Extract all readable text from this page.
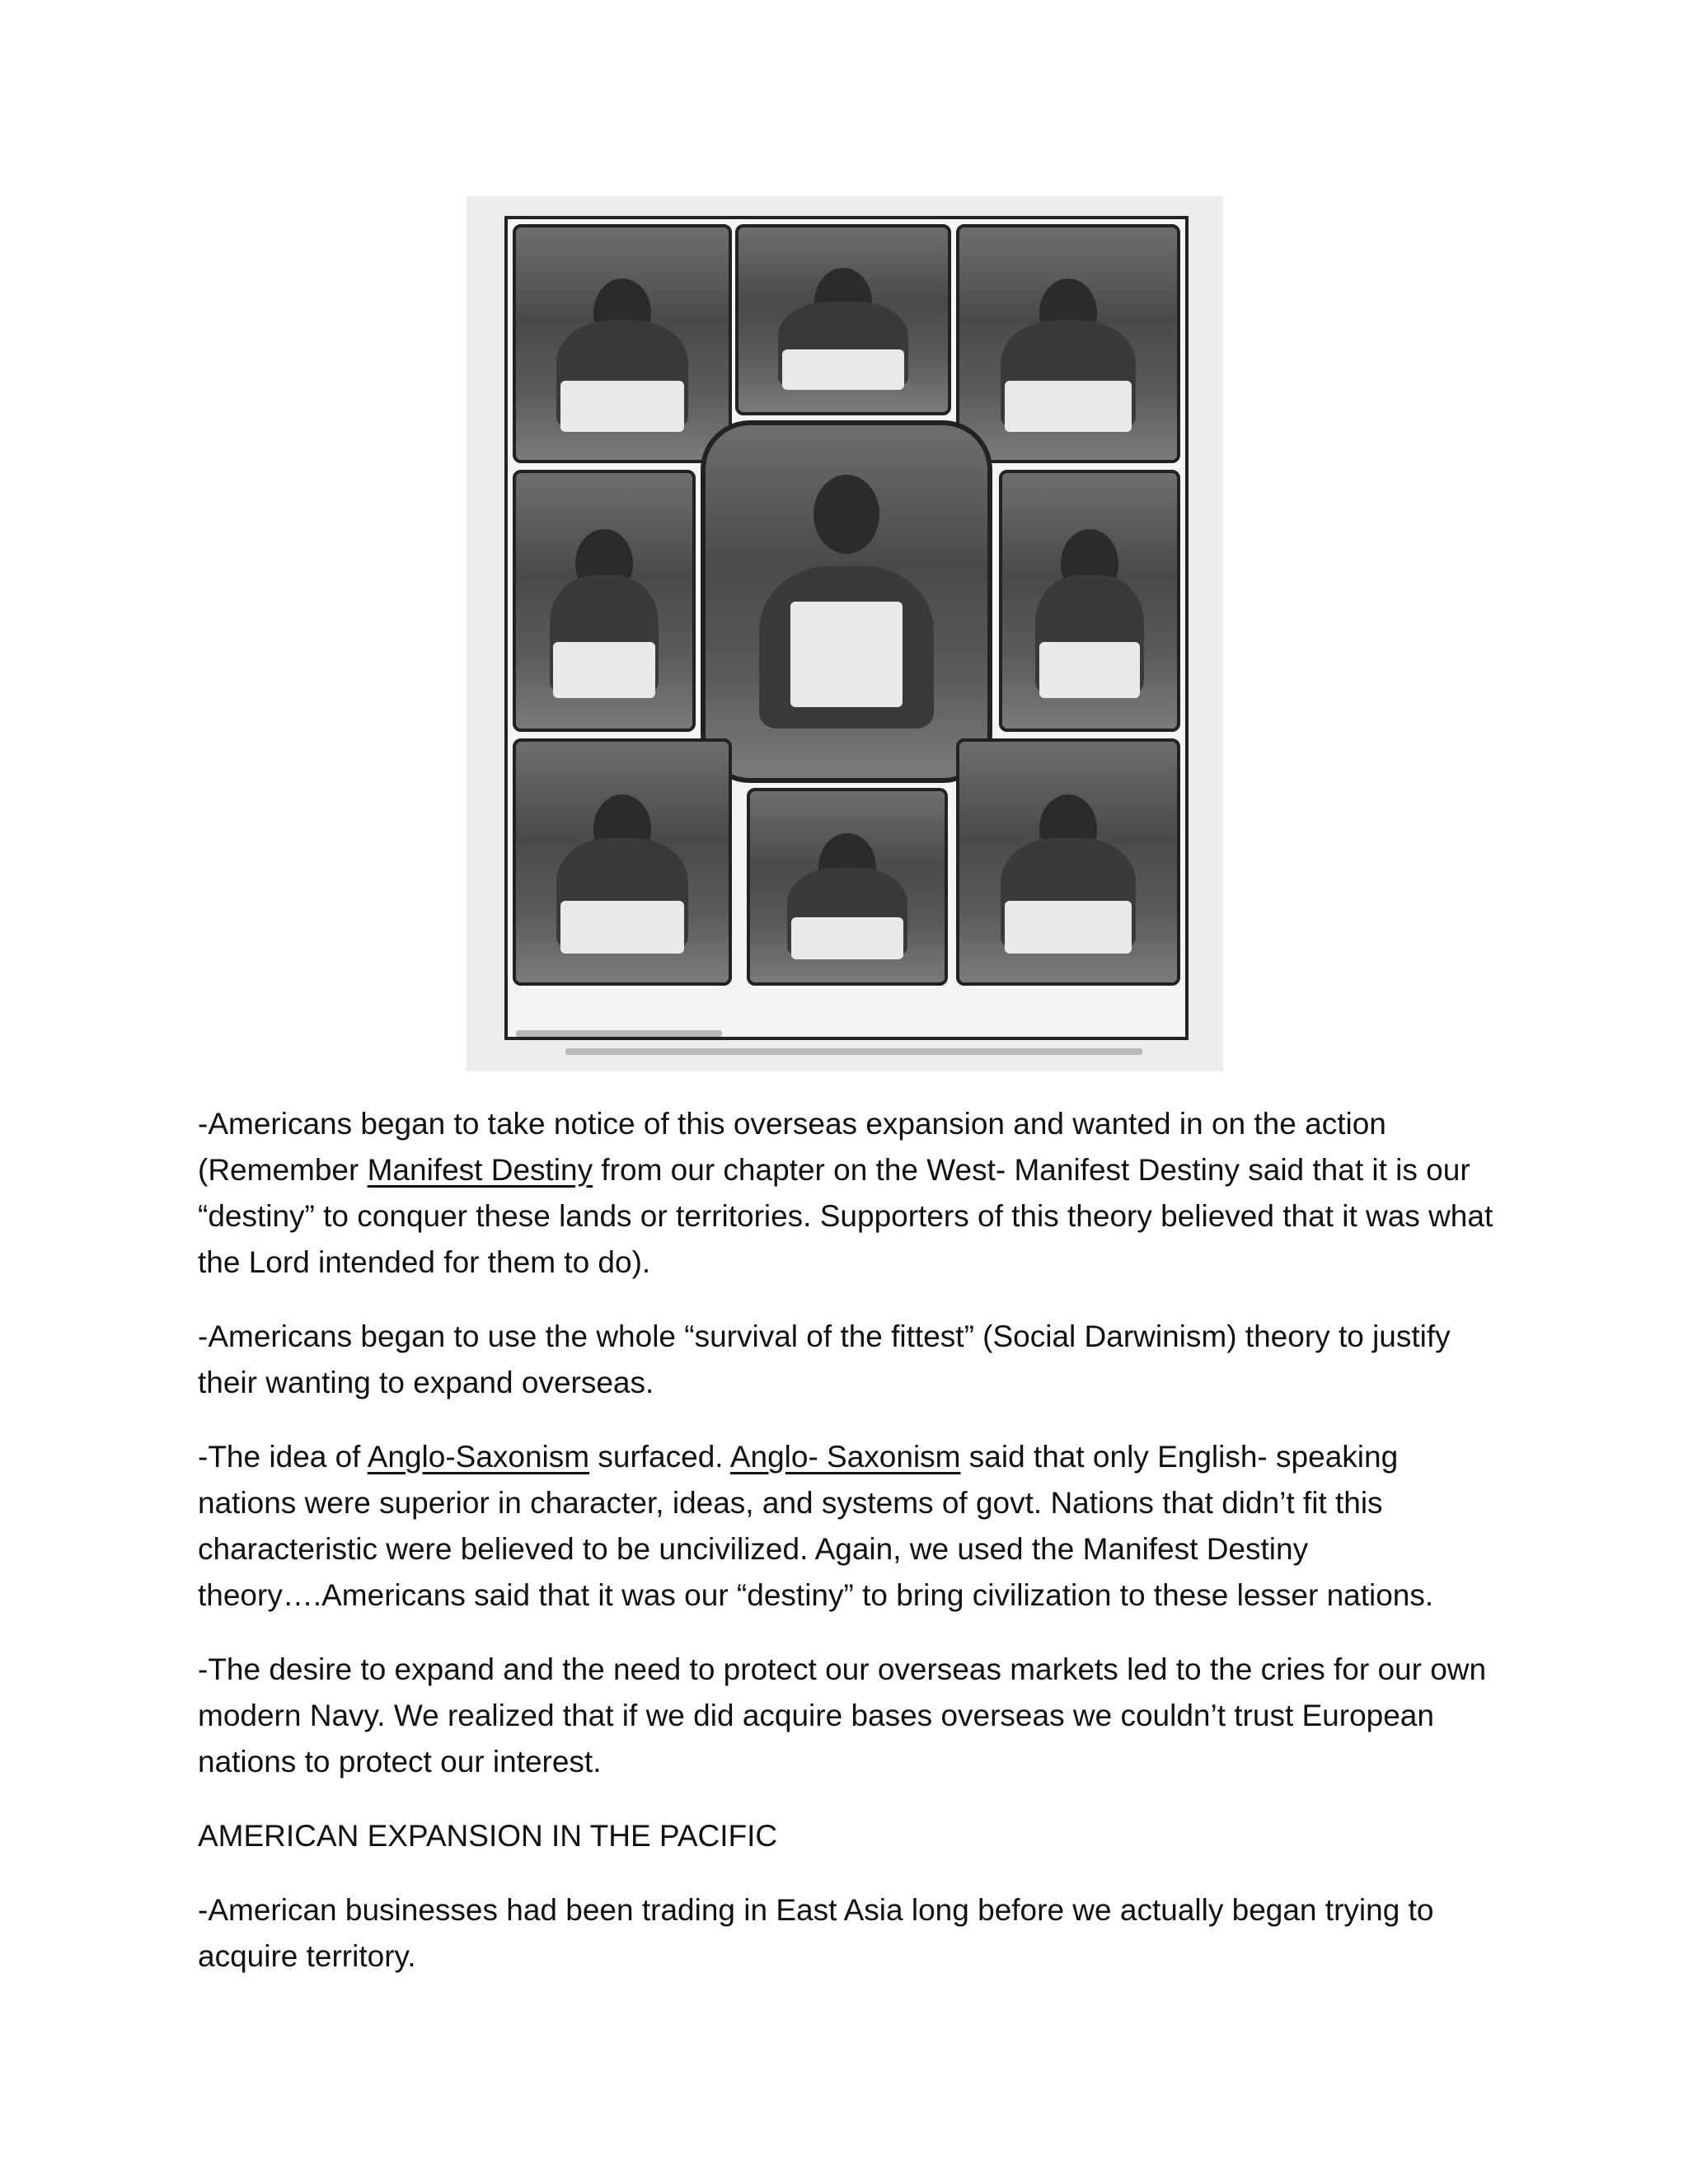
-Americans began to take notice of this overseas expansion and wanted in on the action (Remember Manifest Destiny from our chapter on the West- Manifest Destiny said that it is our “destiny” to conquer these lands or territories. Supporters of this theory believed that it was what the Lord intended for them to do).

-Americans began to use the whole “survival of the fittest” (Social Darwinism) theory to justify their wanting to expand overseas.

-The idea of Anglo-Saxonism surfaced. Anglo- Saxonism said that only English- speaking nations were superior in character, ideas, and systems of govt. Nations that didn’t fit this characteristic were believed to be uncivilized. Again, we used the Manifest Destiny theory….Americans said that it was our “destiny” to bring civilization to these lesser nations.

-The desire to expand and the need to protect our overseas markets led to the cries for our own modern Navy. We realized that if we did acquire bases overseas we couldn’t trust European nations to protect our interest.

AMERICAN EXPANSION IN THE PACIFIC

-American businesses had been trading in East Asia long before we actually began trying to acquire territory.
